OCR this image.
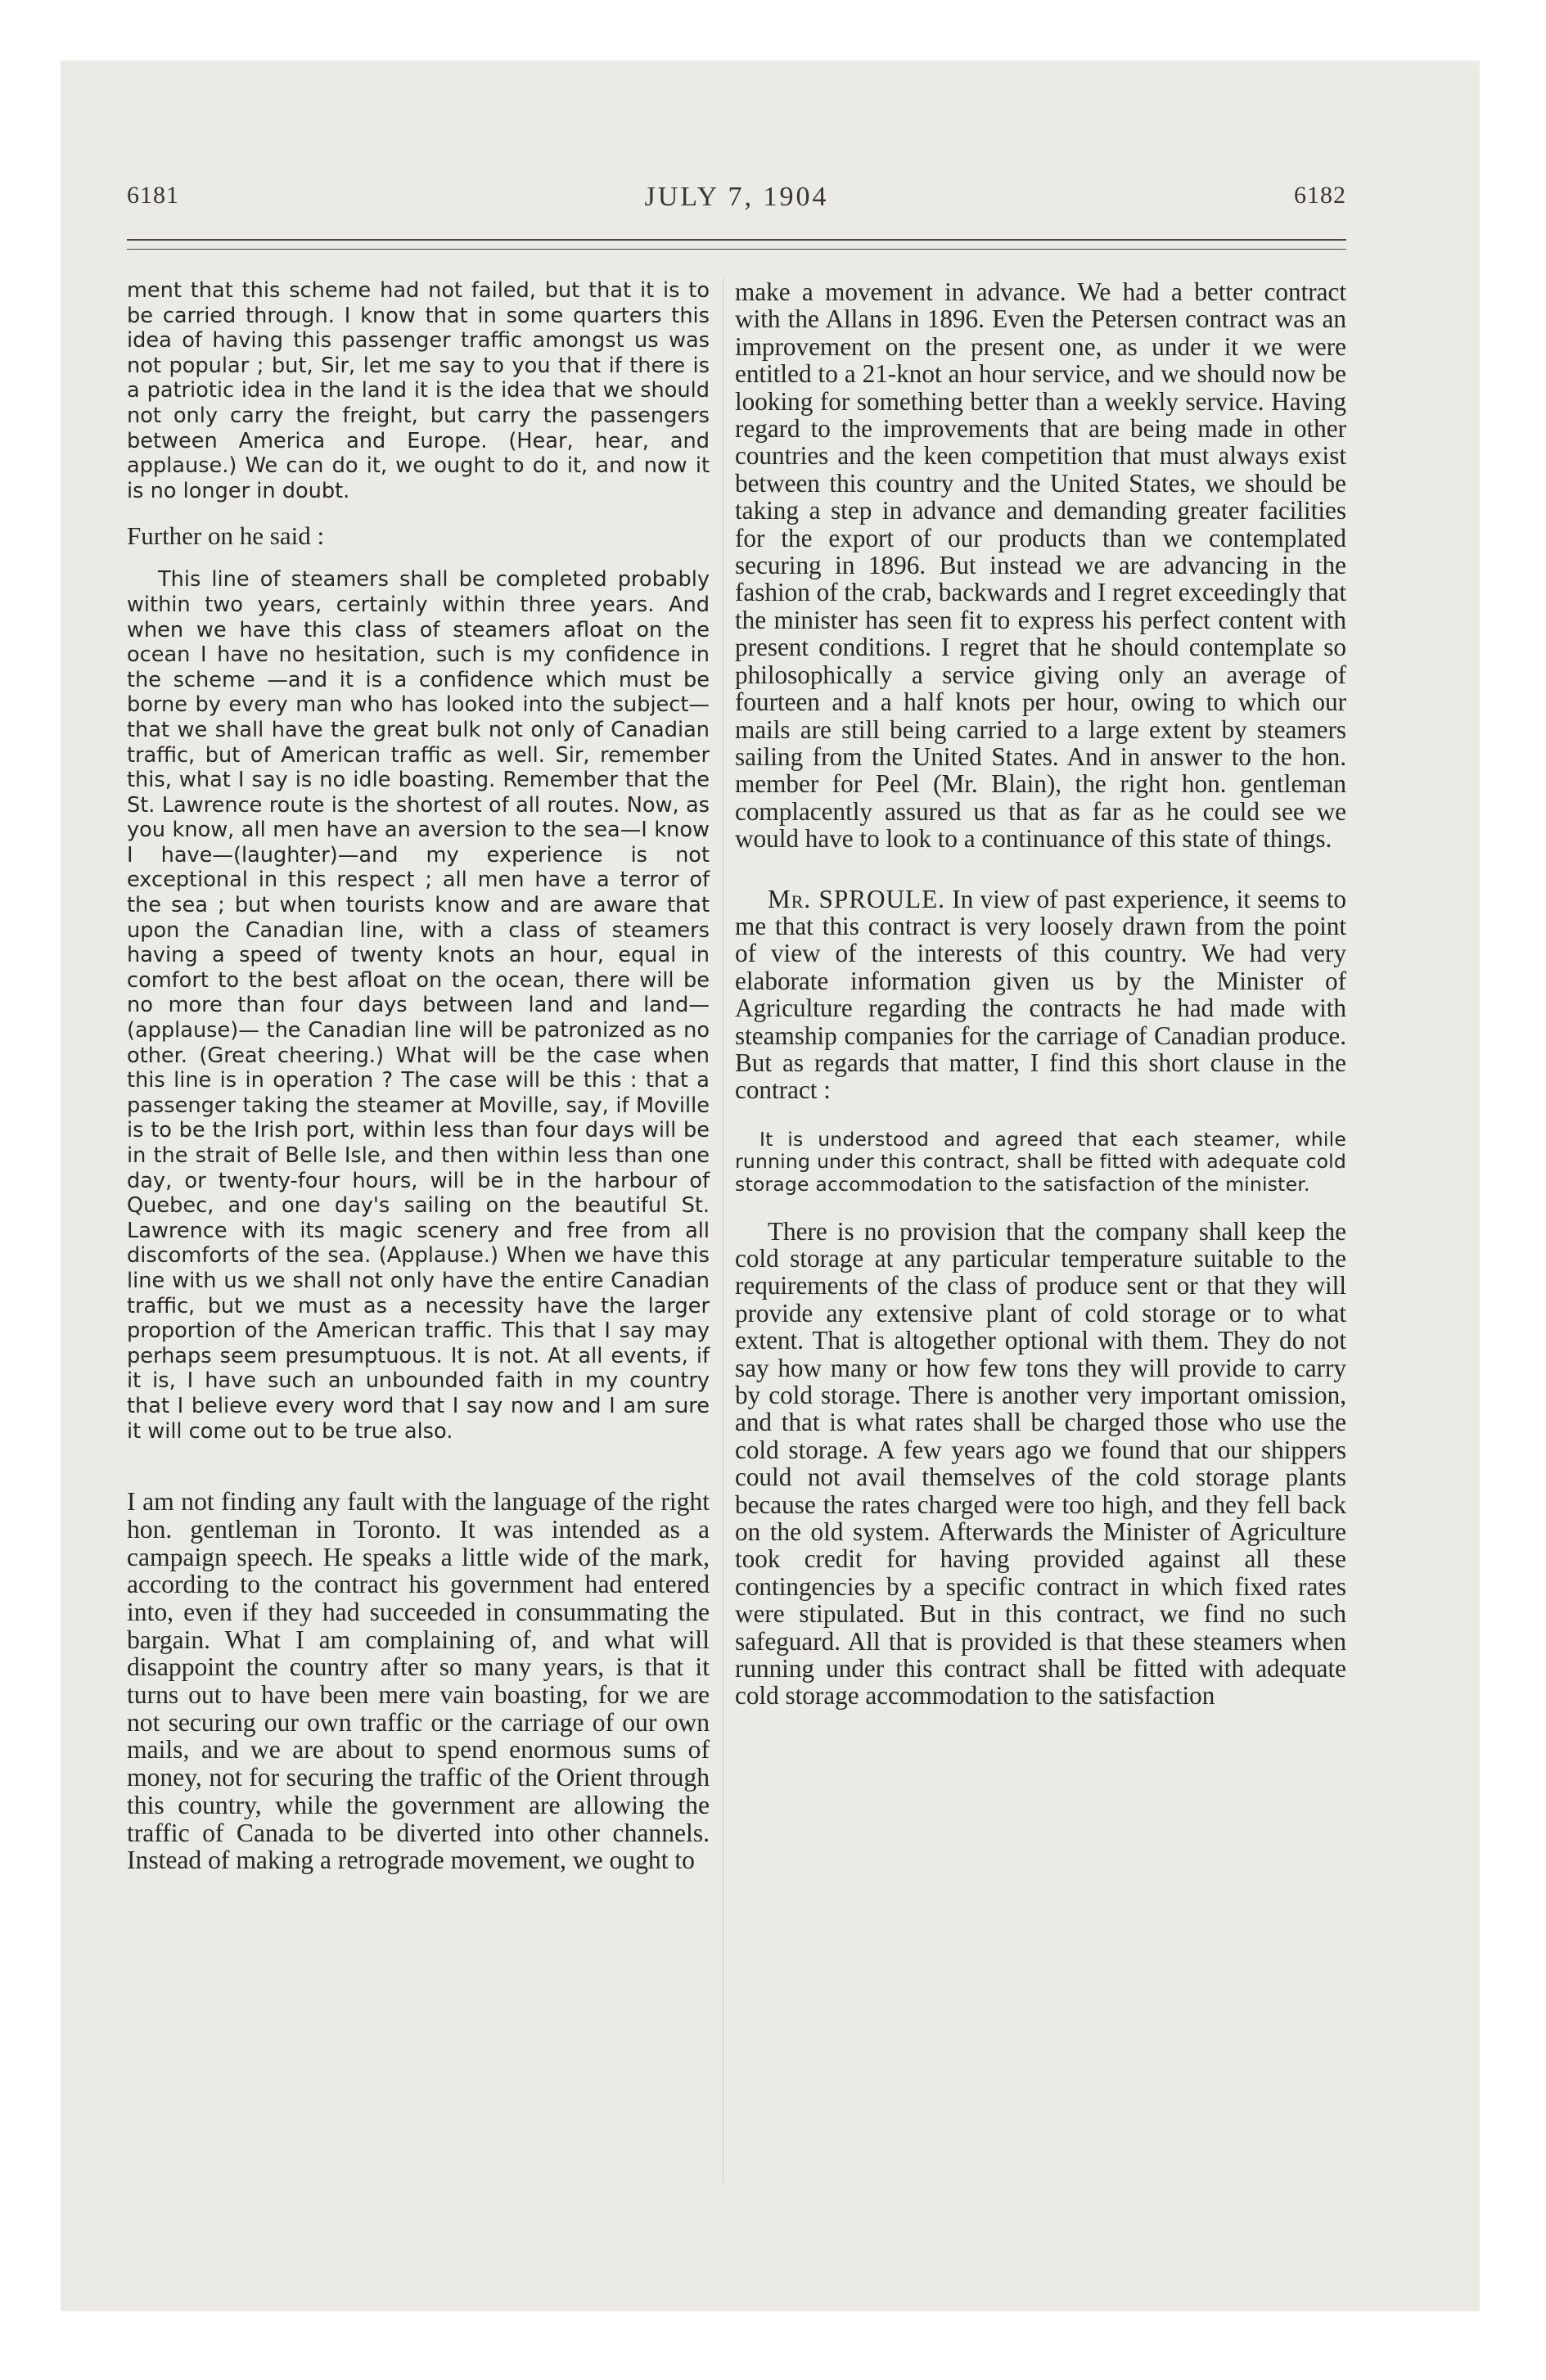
6181	JULY 7, 1904	6182

ment that this scheme had not failed, but that it is to be carried through. I know that in some quarters this idea of having this passenger traffic amongst us was not popular ; but, Sir, let me say to you that if there is a patriotic idea in the land it is the idea that we should not only carry the freight, but carry the passengers between America and Europe. (Hear, hear, and applause.) We can do it, we ought to do it, and now it is no longer in doubt.

Further on he said :

This line of steamers shall be completed probably within two years, certainly within three years. And when we have this class of steamers afloat on the ocean I have no hesitation, such is my confidence in the scheme —and it is a confidence which must be borne by every man who has looked into the subject—that we shall have the great bulk not only of Canadian traffic, but of American traffic as well. Sir, remember this, what I say is no idle boasting. Remember that the St. Lawrence route is the shortest of all routes. Now, as you know, all men have an aversion to the sea—I know I have—(laughter)—and my experience is not exceptional in this respect ; all men have a terror of the sea ; but when tourists know and are aware that upon the Canadian line, with a class of steamers having a speed of twenty knots an hour, equal in comfort to the best afloat on the ocean, there will be no more than four days between land and land—(applause)— the Canadian line will be patronized as no other. (Great cheering.) What will be the case when this line is in operation ? The case will be this : that a passenger taking the steamer at Moville, say, if Moville is to be the Irish port, within less than four days will be in the strait of Belle Isle, and then within less than one day, or twenty-four hours, will be in the harbour of Quebec, and one day's sailing on the beautiful St. Lawrence with its magic scenery and free from all discomforts of the sea. (Applause.) When we have this line with us we shall not only have the entire Canadian traffic, but we must as a necessity have the larger proportion of the American traffic. This that I say may perhaps seem presumptuous. It is not. At all events, if it is, I have such an unbounded faith in my country that I believe every word that I say now and I am sure it will come out to be true also.

I am not finding any fault with the language of the right hon. gentleman in Toronto. It was intended as a campaign speech. He speaks a little wide of the mark, according to the contract his government had entered into, even if they had succeeded in consummating the bargain. What I am complaining of, and what will disappoint the country after so many years, is that it turns out to have been mere vain boasting, for we are not securing our own traffic or the carriage of our own mails, and we are about to spend enormous sums of money, not for securing the traffic of the Orient through this country, while the government are allowing the traffic of Canada to be diverted into other channels. Instead of making a retrograde movement, we ought to

make a movement in advance. We had a better contract with the Allans in 1896. Even the Petersen contract was an improvement on the present one, as under it we were entitled to a 21-knot an hour service, and we should now be looking for something better than a weekly service. Having regard to the improvements that are being made in other countries and the keen competition that must always exist between this country and the United States, we should be taking a step in advance and demanding greater facilities for the export of our products than we contemplated securing in 1896. But instead we are advancing in the fashion of the crab, backwards and I regret exceedingly that the minister has seen fit to express his perfect content with present conditions. I regret that he should contemplate so philosophically a service giving only an average of fourteen and a half knots per hour, owing to which our mails are still being carried to a large extent by steamers sailing from the United States. And in answer to the hon. member for Peel (Mr. Blain), the right hon. gentleman complacently assured us that as far as he could see we would have to look to a continuance of this state of things.

Mr. SPROULE. In view of past experience, it seems to me that this contract is very loosely drawn from the point of view of the interests of this country. We had very elaborate information given us by the Minister of Agriculture regarding the contracts he had made with steamship companies for the carriage of Canadian produce. But as regards that matter, I find this short clause in the contract :

It is understood and agreed that each steamer, while running under this contract, shall be fitted with adequate cold storage accommodation to the satisfaction of the minister.

There is no provision that the company shall keep the cold storage at any particular temperature suitable to the requirements of the class of produce sent or that they will provide any extensive plant of cold storage or to what extent. That is altogether optional with them. They do not say how many or how few tons they will provide to carry by cold storage. There is another very important omission, and that is what rates shall be charged those who use the cold storage. A few years ago we found that our shippers could not avail themselves of the cold storage plants because the rates charged were too high, and they fell back on the old system. Afterwards the Minister of Agriculture took credit for having provided against all these contingencies by a specific contract in which fixed rates were stipulated. But in this contract, we find no such safeguard. All that is provided is that these steamers when running under this contract shall be fitted with adequate cold storage accommodation to the satisfaction
